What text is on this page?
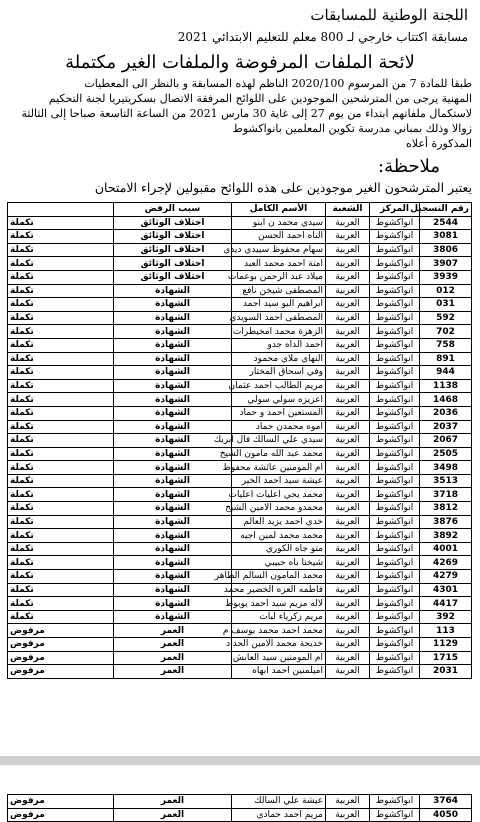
اللجنة الوطنية للمسابقات
مسابقة اكتتاب خارجي لـ 800 معلم للتعليم الابتدائي 2021
لائحة الملفات المرفوضة والملفات الغير مكتملة
طبقا للمادة 7 من المرسوم 2020/100 الناظم لهذه المسابقة و بالنظر الى المعطيات
المهنية يرجى من المترشحين الموجودين على اللوائح المرفقة الاتصال بسكريتيريا لجنة التحكيم
لاستكمال ملفاتهم ابتداء من يوم 27 إلى غاية 30 مارس 2021 من الساعة التاسعة صباحا إلى الثالثة
زوالا وذلك بمباني مدرسة تكوين المعلمين بانواكشوط
المذكورة أعلاه
ملاحظة:
يعتبر المترشحون الغير موجودين على هذه اللوائح مقبولين لإجراء الامتحان
رقم التسجيل	المركز	الشعبة	الأسم الكامل	سبب الرفض	
2544	انواكشوط	العربية	سيدي محمد ن ابنو	اختلاف الوثائق	تكملة
3081	انواكشوط	العربية	الناه احمد الحسن	اختلاف الوثائق	تكملة
3806	انواكشوط	العربية	سهام محفوظ سييدي ديدي	اختلاف الوثائق	تكملة
3907	انواكشوط	العربية	امنة احمد محمد العبد	اختلاف الوثائق	تكملة
3939	انواكشوط	العربية	ميلاد عبد الرحمن بوعمات	اختلاف الوثائق	تكملة
012	انواكشوط	العربية	المصطفى شيخن نافع	الشهادة	تكملة
031	انواكشوط	العربية	ابراهيم البو سيد احمد	الشهادة	تكملة
592	انواكشوط	العربية	المصطفى احمد السويدي	الشهادة	تكملة
702	انواكشوط	العربية	الزهرة محمد امخيطرات	الشهادة	تكملة
758	انواكشوط	العربية	احمد الداه جدو	الشهادة	تكملة
891	انواكشوط	العربية	النهاي ملاي محمود	الشهادة	تكملة
944	انواكشوط	العربية	وفي اسحاق المختار	الشهادة	تكملة
1138	انواكشوط	العربية	مريم الطالب احمد عثمان	الشهادة	تكملة
1468	انواكشوط	العربية	اعزيزه سولي سولي	الشهادة	تكملة
2036	انواكشوط	العربية	المستعين احمد و حماد	الشهادة	تكملة
2037	انواكشوط	العربية	اموه محمدن حماد	الشهادة	تكملة
2067	انواكشوط	العربية	سيدي علي السالك فال ابريك	الشهادة	تكملة
2505	انواكشوط	العربية	محمد عبد الله مامون الشيخ	الشهادة	تكملة
3498	انواكشوط	العربية	ام المومنين عائشة محفوظ	الشهادة	تكملة
3513	انواكشوط	العربية	عيشة سيد احمد الخير	الشهادة	تكملة
3718	انواكشوط	العربية	محمد يحي اعليات اعليات	الشهادة	تكملة
3812	انواكشوط	العربية	محمدو محمد الامين الشيخ	الشهادة	تكملة
3876	انواكشوط	العربية	خدي احمد يزيد العالم	الشهادة	تكملة
3892	انواكشوط	العربية	محمد محمد لمين اجيه	الشهادة	تكملة
4001	انواكشوط	العربية	متو جاه الكوري	الشهادة	تكملة
4269	انواكشوط	العربية	شيخنا باه حبيبي	الشهادة	تكملة
4279	انواكشوط	العربية	محمد المامون السالم الطاهر	الشهادة	تكملة
4301	انواكشوط	العربية	فاطمه العزه الخضير محمد	الشهادة	تكملة
4417	انواكشوط	العربية	لاله مريم سيد احمد بوبوط	الشهادة	تكملة
392	انواكشوط	العربية	مريم زكرياء لبات	الشهادة	تكملة
113	انواكشوط	العربية	محمد احمد محمد يوسف م	العمر	مرفوض
1129	انواكشوط	العربية	خديجة محمد الامين الحداد	العمر	مرفوض
1715	انواكشوط	العربية	ام المومنين سيد العابش	العمر	مرفوض
2031	انواكشوط	العربية	اميلمنين احمد ابهاه	العمر	مرفوض
3764	انواكشوط	العربية	عيشة علي السالك	العمر	مرفوض
4050	انواكشوط	العربية	مريم احمد حمادي	العمر	مرفوض
